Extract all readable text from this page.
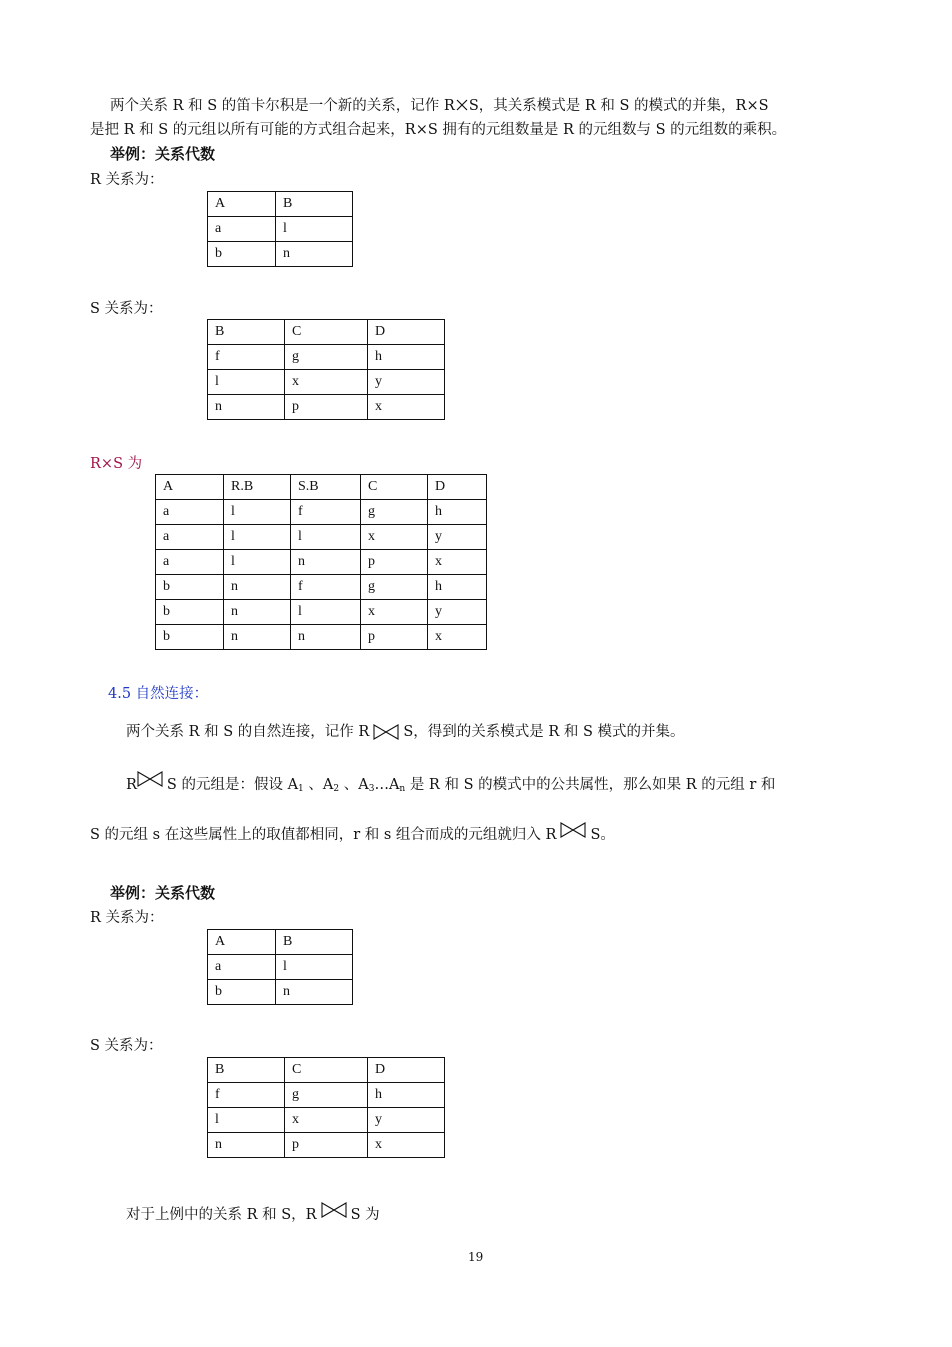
两个关系 R 和 S 的笛卡尔积是一个新的关系，记作 R S，其关系模式是 R 和 S 的模式的并集，R×S
是把 R 和 S 的元组以所有可能的方式组合起来，R×S 拥有的元组数量是 R 的元组数与 S 的元组数的乘积。
举例：关系代数
R 关系为：
A	B
a	l
b	n
S 关系为：
B	C	D
f	g	h
l	x	y
n	p	x
R×S 为
A	R.B	S.B	C	D
a	l	f	g	h
a	l	l	x	y
a	l	n	p	x
b	n	f	g	h
b	n	l	x	y
b	n	n	p	x
4.5 自然连接：
两个关系 R 和 S 的自然连接，记作 R S，得到的关系模式是 R 和 S 模式的并集。
R S 的元组是：假设 $A_1$ 、$A_2$ 、$A_3\dots A_n$ 是 R 和 S 的模式中的公共属性，那么如果 R 的元组 r 和
S 的元组 s 在这些属性上的取值都相同，r 和 s 组合而成的元组就归入 R S。
举例：关系代数
R 关系为：
A	B
a	l
b	n
S 关系为：
B	C	D
f	g	h
l	x	y
n	p	x
对于上例中的关系 R 和 S，R S 为
19
